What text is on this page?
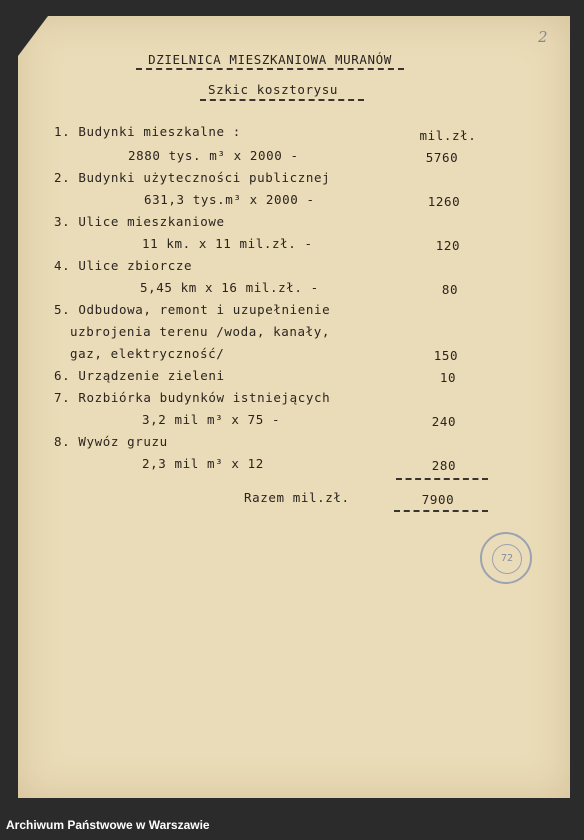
2
DZIELNICA MIESZKANIOWA MURANÓW
Szkic kosztorysu
mil.zł.
1. Budynki mieszkalne :
2880 tys. m³ x 2000 -	5760
2. Budynki użyteczności publicznej
631,3 tys.m³ x 2000 -	1260
3. Ulice mieszkaniowe
11 km. x 11 mil.zł. -	120
4. Ulice zbiorcze
5,45 km x 16 mil.zł. -	80
5. Odbudowa, remont i uzupełnienie
uzbrojenia terenu /woda, kanały,
gaz, elektryczność/	150
6. Urządzenie zieleni	10
7. Rozbiórka budynków istniejących
3,2 mil m³ x 75 -	240
8. Wywóz gruzu
2,3 mil m³ x 12	280
Razem mil.zł.	7900
72
Archiwum Państwowe w Warszawie
